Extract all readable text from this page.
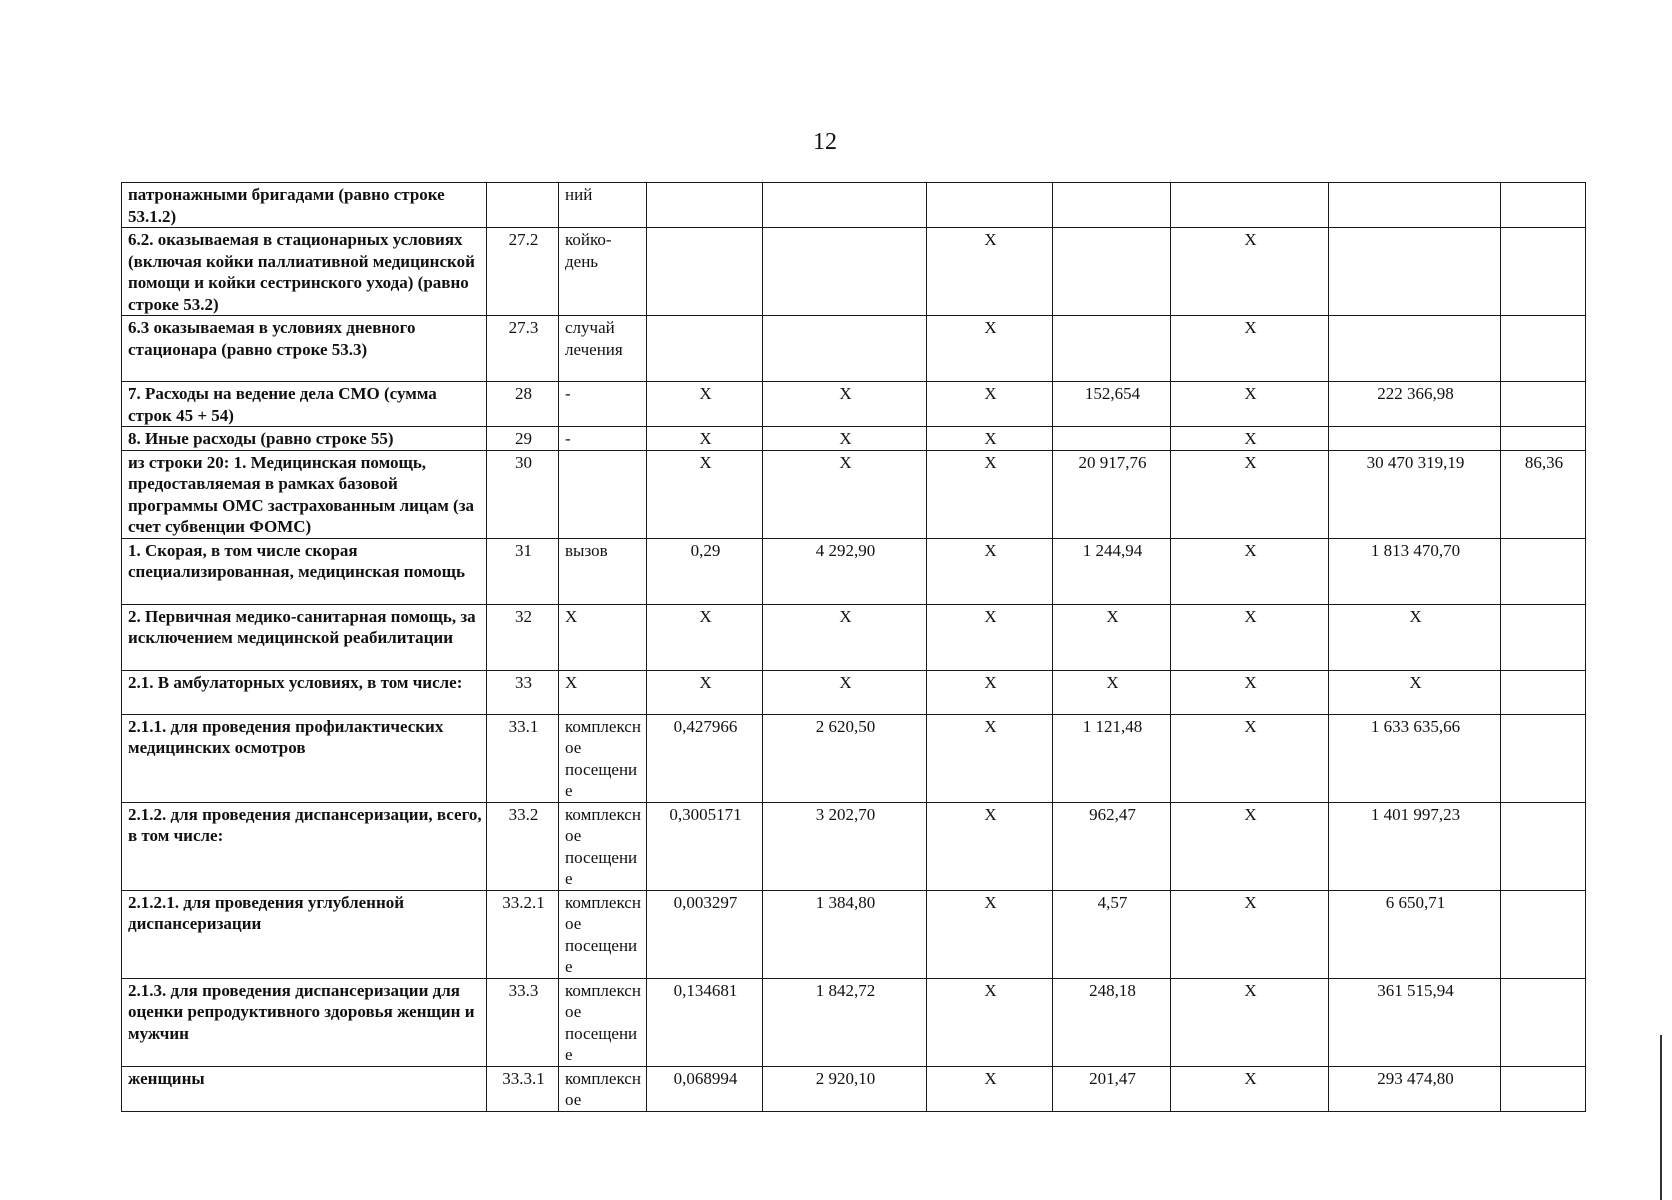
12
патронажными бригадами (равно строке 53.1.2)		ний							
6.2. оказываемая в стационарных условиях (включая койки паллиативной медицинской помощи и койки сестринского ухода) (равно строке 53.2)	27.2	койко-день			X		X		
6.3 оказываемая в условиях дневного стационара (равно строке 53.3)	27.3	случай лечения			X		X		
7. Расходы на ведение дела СМО (сумма строк 45 + 54)	28	-	X	X	X	152,654	X	222 366,98	
8. Иные расходы (равно строке 55)	29	-	X	X	X		X		
из строки 20: 1. Медицинская помощь, предоставляемая в рамках базовой программы ОМС застрахованным лицам (за счет субвенции ФОМС)	30		X	X	X	20 917,76	X	30 470 319,19	86,36
1. Скорая, в том числе скорая специализированная, медицинская помощь	31	вызов	0,29	4 292,90	X	1 244,94	X	1 813 470,70	
2. Первичная медико-санитарная помощь, за исключением медицинской реабилитации	32	X	X	X	X	X	X	X	
2.1. В амбулаторных условиях, в том числе:	33	X	X	X	X	X	X	X	
2.1.1. для проведения профилактических медицинских осмотров	33.1	комплексное посещение	0,427966	2 620,50	X	1 121,48	X	1 633 635,66	
2.1.2. для проведения диспансеризации, всего, в том числе:	33.2	комплексное посещение	0,3005171	3 202,70	X	962,47	X	1 401 997,23	
2.1.2.1. для проведения углубленной диспансеризации	33.2.1	комплексное посещение	0,003297	1 384,80	X	4,57	X	6 650,71	
2.1.3. для проведения диспансеризации для оценки репродуктивного здоровья женщин и мужчин	33.3	комплексное посещение	0,134681	1 842,72	X	248,18	X	361 515,94	
женщины	33.3.1	комплексное	0,068994	2 920,10	X	201,47	X	293 474,80	
